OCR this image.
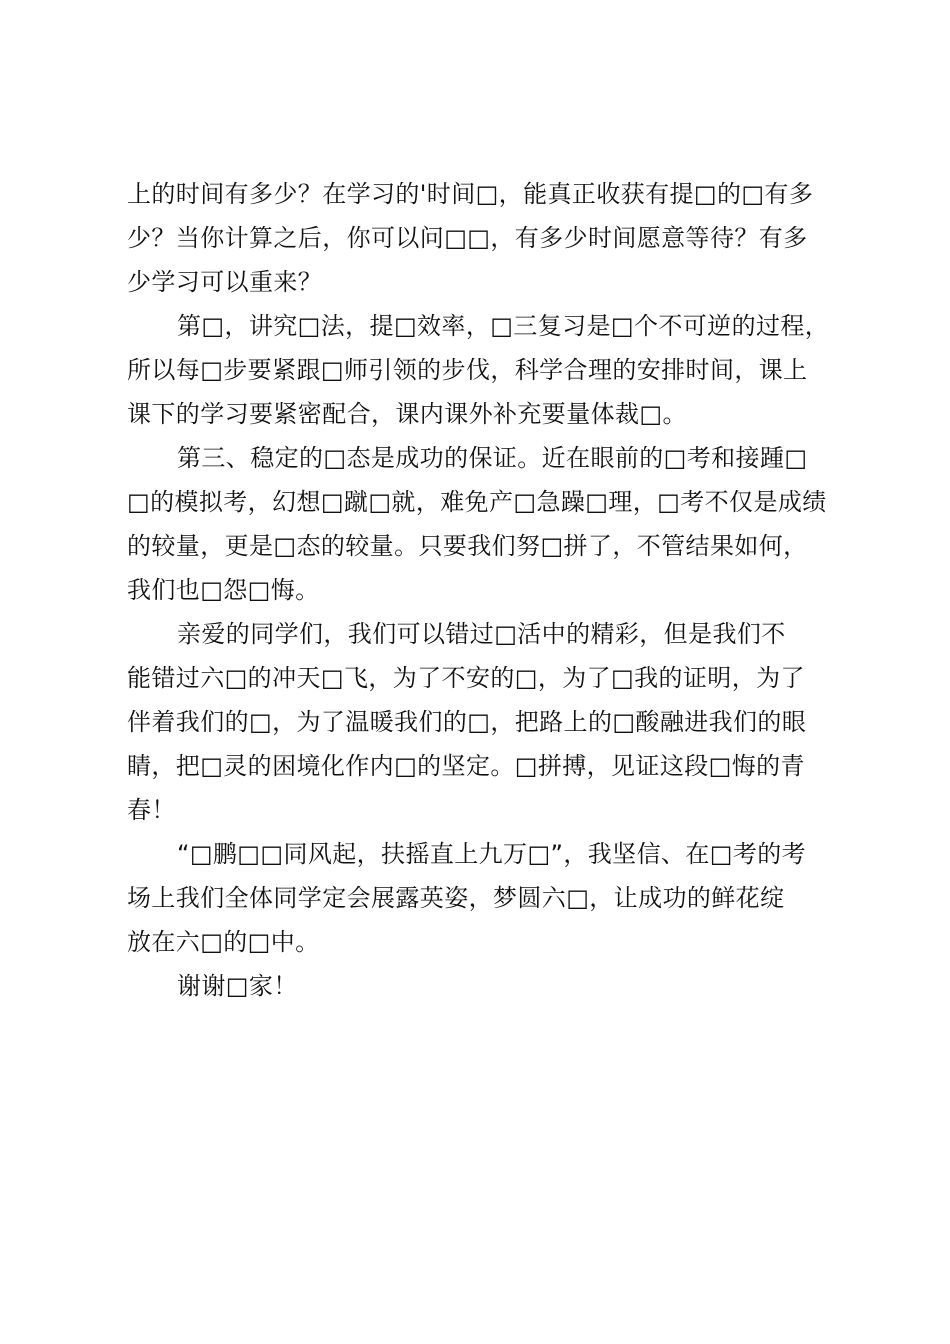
上的时间有多少？在学习的'时间□，能真正收获有提□的□有多
少？当你计算之后，你可以问□□，有多少时间愿意等待？有多
少学习可以重来？
第□，讲究□法，提□效率，□三复习是□个不可逆的过程，
所以每□步要紧跟□师引领的步伐，科学合理的安排时间，课上
课下的学习要紧密配合，课内课外补充要量体裁□。
第三、稳定的□态是成功的保证。近在眼前的□考和接踵□
□的模拟考，幻想□蹴□就，难免产□急躁□理，□考不仅是成绩
的较量，更是□态的较量。只要我们努□拼了，不管结果如何，
我们也□怨□悔。
亲爱的同学们，我们可以错过□活中的精彩，但是我们不
能错过六□的冲天□飞，为了不安的□，为了□我的证明，为了
伴着我们的□，为了温暖我们的□，把路上的□酸融进我们的眼
睛，把□灵的困境化作内□的坚定。□拼搏，见证这段□悔的青
春！
“□鹏□□同风起，扶摇直上九万□”，我坚信、在□考的考
场上我们全体同学定会展露英姿，梦圆六□，让成功的鲜花绽
放在六□的□中。
谢谢□家！
